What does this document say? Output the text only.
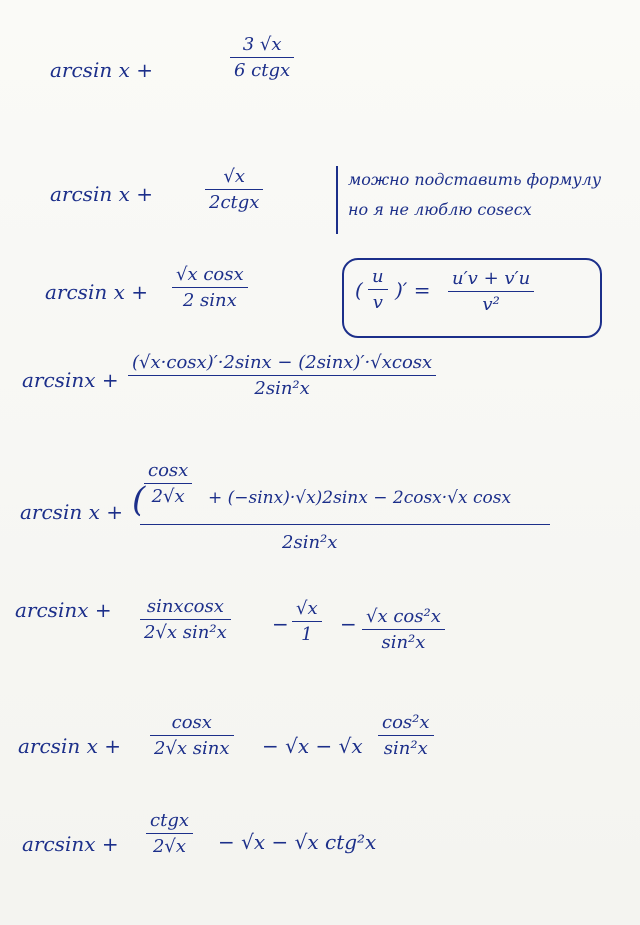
arcsin x +
3 √x
6 ctgx
arcsin x +
√x
2ctgx
можно подставить формулу
но я не люблю cosecx
arcsin x +
√x cosx
2 sinx	(
u
v
)′ = u′v + v′u
v²
arcsinx +
(√x·cosx)′·2sinx − (2sinx)′·√xcosx
2sin²x
arcsin x + (
cosx
2√x + (−sinx)·√x)2sinx − 2cosx·√x cosx
2sin²x
arcsinx + sinxcosx
2√x sin²x −
√x
1 − √x cos²x
sin²x
arcsin x +
cosx
2√x sinx − √x − √x
cos²x
sin²x
arcsinx +
ctgx
2√x − √x − √x ctg²x
